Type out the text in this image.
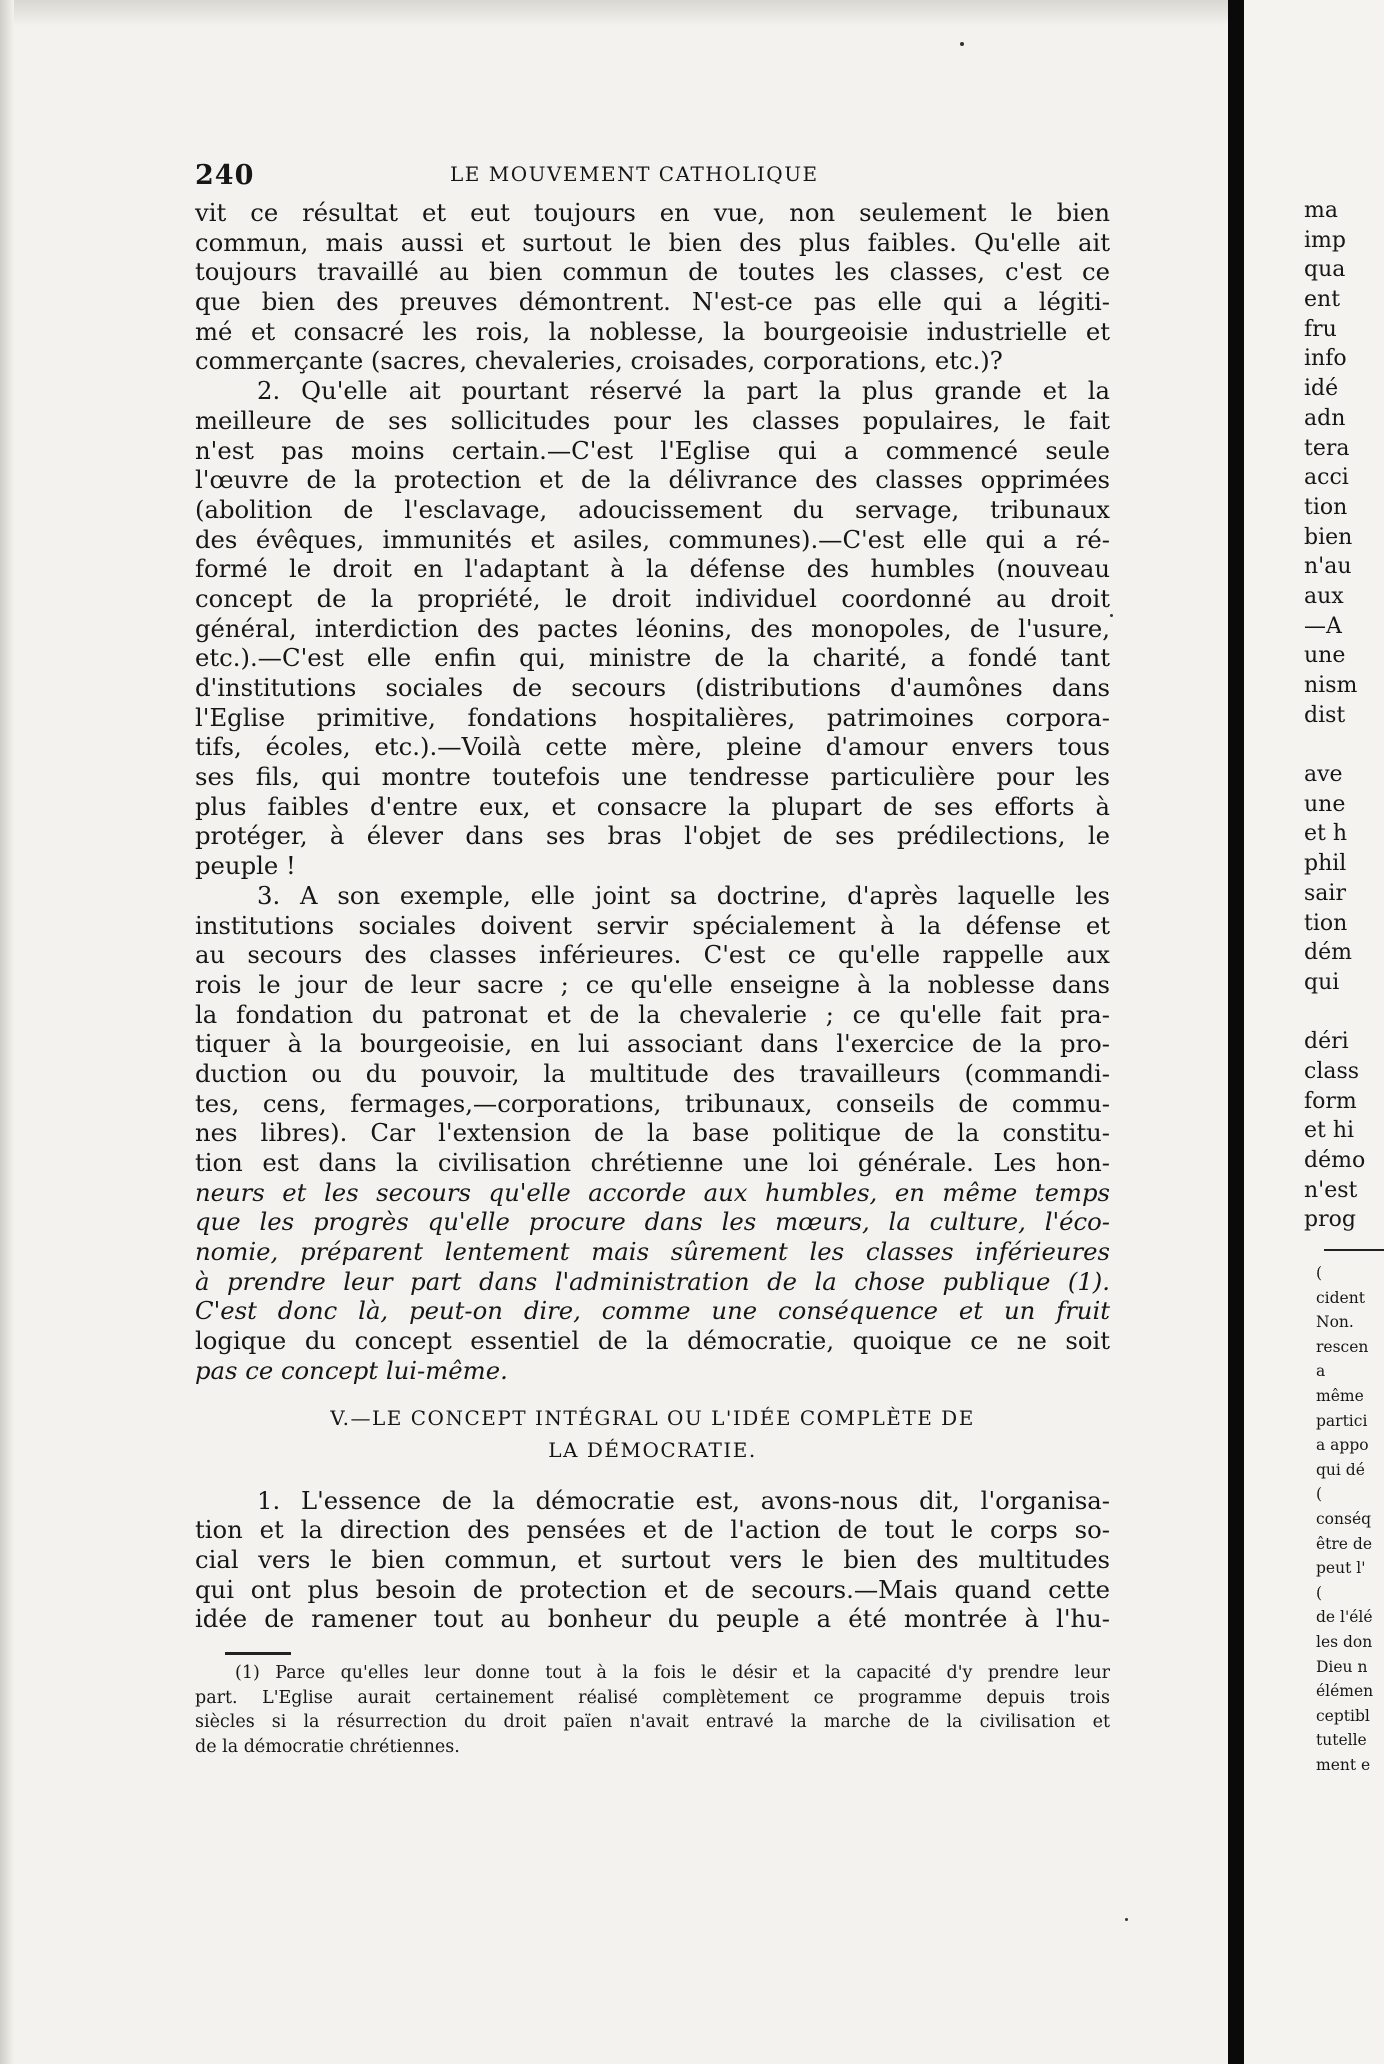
240	LE MOUVEMENT CATHOLIQUE
vit ce résultat et eut toujours en vue, non seulement le bien
commun, mais aussi et surtout le bien des plus faibles. Qu'elle ait
toujours travaillé au bien commun de toutes les classes, c'est ce
que bien des preuves démontrent. N'est-ce pas elle qui a légiti-
mé et consacré les rois, la noblesse, la bourgeoisie industrielle et
commerçante (sacres, chevaleries, croisades, corporations, etc.)?
2. Qu'elle ait pourtant réservé la part la plus grande et la
meilleure de ses sollicitudes pour les classes populaires, le fait
n'est pas moins certain.—C'est l'Eglise qui a commencé seule
l'œuvre de la protection et de la délivrance des classes opprimées
(abolition de l'esclavage, adoucissement du servage, tribunaux
des évêques, immunités et asiles, communes).—C'est elle qui a ré-
formé le droit en l'adaptant à la défense des humbles (nouveau
concept de la propriété, le droit individuel coordonné au droit
général, interdiction des pactes léonins, des monopoles, de l'usure,
etc.).—C'est elle enfin qui, ministre de la charité, a fondé tant
d'institutions sociales de secours (distributions d'aumônes dans
l'Eglise primitive, fondations hospitalières, patrimoines corpora-
tifs, écoles, etc.).—Voilà cette mère, pleine d'amour envers tous
ses fils, qui montre toutefois une tendresse particulière pour les
plus faibles d'entre eux, et consacre la plupart de ses efforts à
protéger, à élever dans ses bras l'objet de ses prédilections, le
peuple !
3. A son exemple, elle joint sa doctrine, d'après laquelle les
institutions sociales doivent servir spécialement à la défense et
au secours des classes inférieures. C'est ce qu'elle rappelle aux
rois le jour de leur sacre ; ce qu'elle enseigne à la noblesse dans
la fondation du patronat et de la chevalerie ; ce qu'elle fait pra-
tiquer à la bourgeoisie, en lui associant dans l'exercice de la pro-
duction ou du pouvoir, la multitude des travailleurs (commandi-
tes, cens, fermages,—corporations, tribunaux, conseils de commu-
nes libres). Car l'extension de la base politique de la constitu-
tion est dans la civilisation chrétienne une loi générale. Les hon-
neurs et les secours qu'elle accorde aux humbles, en même temps
que les progrès qu'elle procure dans les mœurs, la culture, l'éco-
nomie, préparent lentement mais sûrement les classes inférieures
à prendre leur part dans l'administration de la chose publique (1).
C'est donc là, peut-on dire, comme une conséquence et un fruit
logique du concept essentiel de la démocratie, quoique ce ne soit
pas ce concept lui-même.
V.—LE CONCEPT INTÉGRAL OU L'IDÉE COMPLÈTE DE
LA DÉMOCRATIE.
1. L'essence de la démocratie est, avons-nous dit, l'organisa-
tion et la direction des pensées et de l'action de tout le corps so-
cial vers le bien commun, et surtout vers le bien des multitudes
qui ont plus besoin de protection et de secours.—Mais quand cette
idée de ramener tout au bonheur du peuple a été montrée à l'hu-
(1) Parce qu'elles leur donne tout à la fois le désir et la capacité d'y prendre leur
part. L'Eglise aurait certainement réalisé complètement ce programme depuis trois
siècles si la résurrection du droit païen n'avait entravé la marche de la civilisation et
de la démocratie chrétiennes.
ma
imp
qua
ent
fru
info
idé
adn
tera
acci
tion
bien
n'au
aux
—A
une
nism
dist
ave
une
et h
phil
sair
tion
dém
qui
déri
class
form
et hi
démo
n'est
prog
(
cident
Non.
rescen
a
même
partici
a appo
qui dé
(
conséq
être de
peut l'
(
de l'élé
les don
Dieu n
élémen
ceptibl
tutelle
ment e
